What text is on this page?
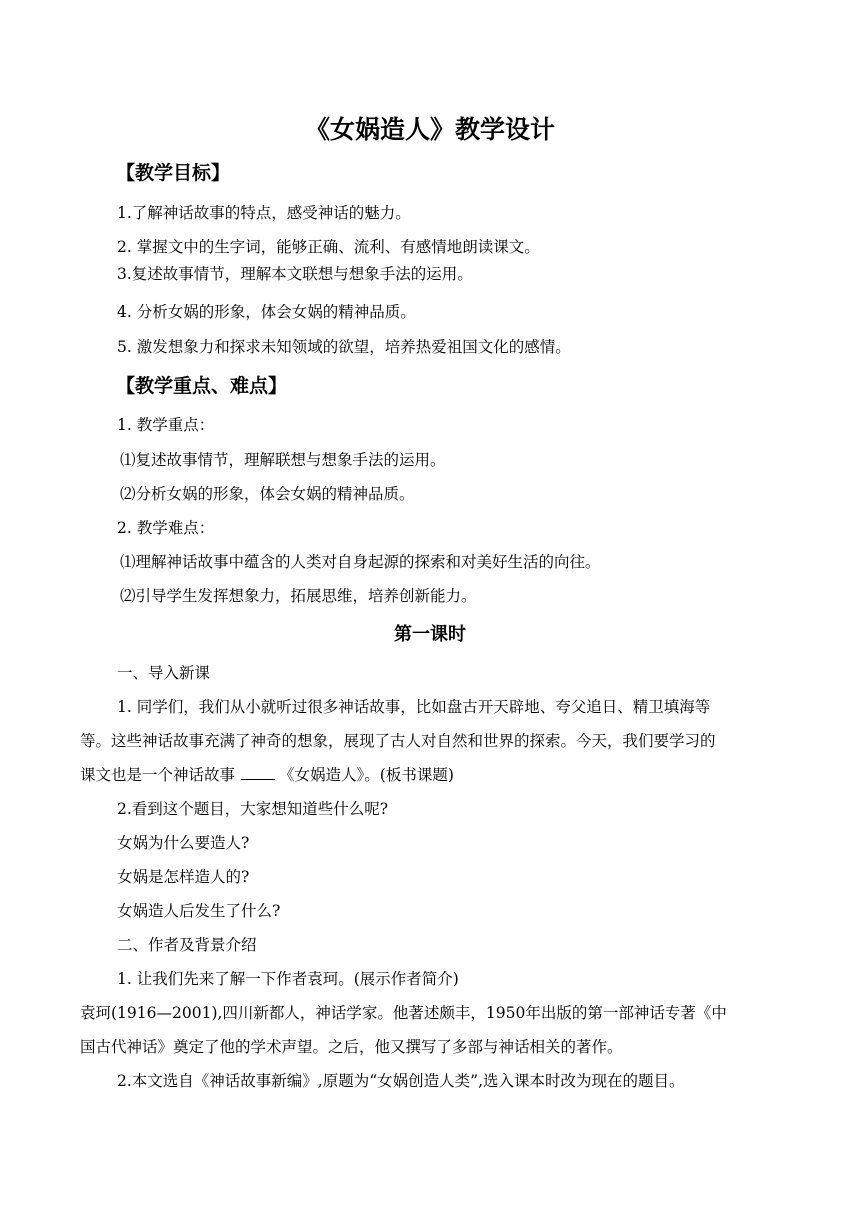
《女娲造人》教学设计
【教学目标】
1.了解神话故事的特点，感受神话的魅力。
2. 掌握文中的生字词，能够正确、流利、有感情地朗读课文。
3.复述故事情节，理解本文联想与想象手法的运用。
4. 分析女娲的形象，体会女娲的精神品质。
5. 激发想象力和探求未知领域的欲望，培养热爱祖国文化的感情。
【教学重点、难点】
1. 教学重点：
⑴复述故事情节，理解联想与想象手法的运用。
⑵分析女娲的形象，体会女娲的精神品质。
2. 教学难点：
⑴理解神话故事中蕴含的人类对自身起源的探索和对美好生活的向往。
⑵引导学生发挥想象力，拓展思维，培养创新能力。
第一课时
一、导入新课
1. 同学们，我们从小就听过很多神话故事，比如盘古开天辟地、夸父追日、精卫填海等
等。这些神话故事充满了神奇的想象，展现了古人对自然和世界的探索。今天，我们要学习的
课文也是一个神话故事	《女娲造人》。(板书课题)
2.看到这个题目，大家想知道些什么呢?
女娲为什么要造人?
女娲是怎样造人的?
女娲造人后发生了什么?
二、作者及背景介绍
1. 让我们先来了解一下作者袁珂。(展示作者简介)
袁珂(1916—2001),四川新都人，神话学家。他著述颇丰，1950年出版的第一部神话专著《中
国古代神话》奠定了他的学术声望。之后，他又撰写了多部与神话相关的著作。
2.本文选自《神话故事新编》,原题为“女娲创造人类”,选入课本时改为现在的题目。
